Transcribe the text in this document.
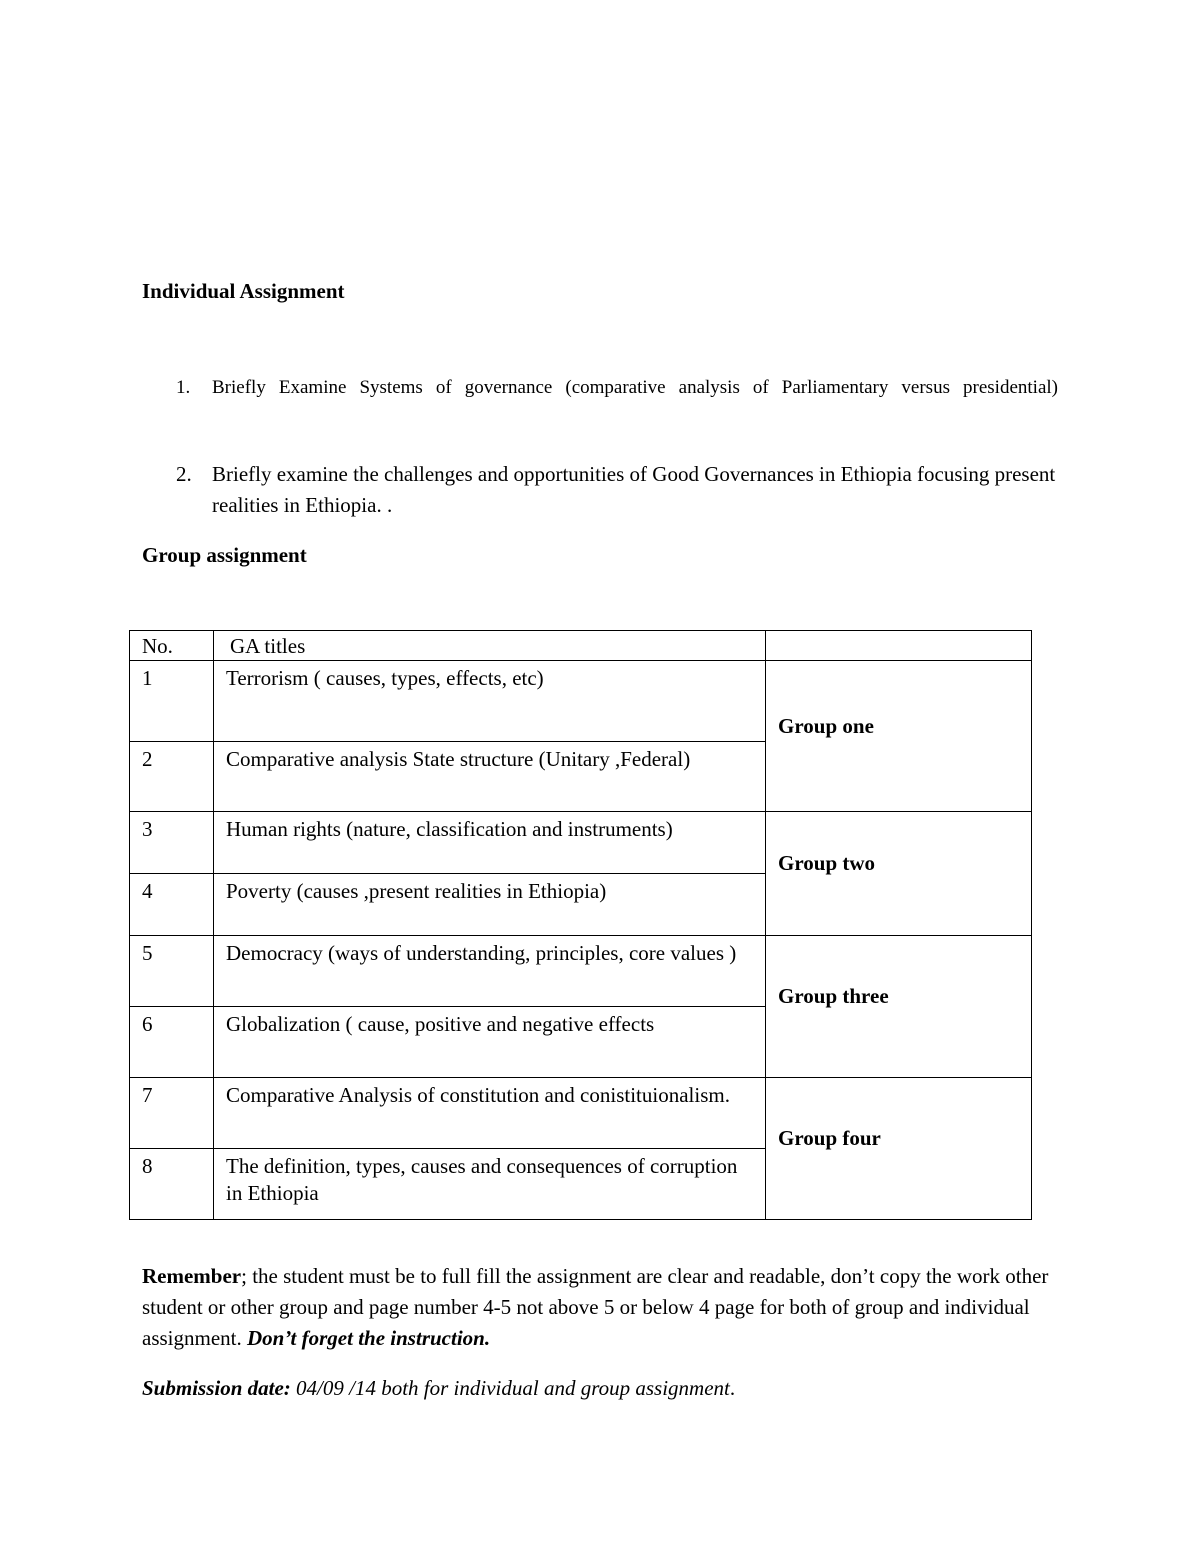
Individual Assignment
1.	Briefly Examine Systems of governance (comparative analysis of Parliamentary versus presidential)
2. Briefly examine the challenges and opportunities of Good Governances in Ethiopia focusing present realities in Ethiopia. .
Group assignment
No.	GA titles	
1	Terrorism ( causes, types, effects, etc)	Group one

2	Comparative analysis State structure (Unitary ,Federal)	
3	Human rights (nature, classification and instruments)	Group two

4	Poverty (causes ,present realities in Ethiopia)	
5	Democracy (ways of understanding, principles, core values )	Group three

6	Globalization ( cause, positive and negative effects	
7	Comparative Analysis of constitution and conistituionalism.	Group four

8	The definition, types, causes and consequences of corruption in Ethiopia	

Remember; the student must be to full fill the assignment are clear and readable, don’t copy the work other student or other group and page number 4-5 not above 5 or below 4 page for both of group and individual assignment. Don’t forget the instruction.

Submission date: 04/09 /14 both for individual and group assignment.
